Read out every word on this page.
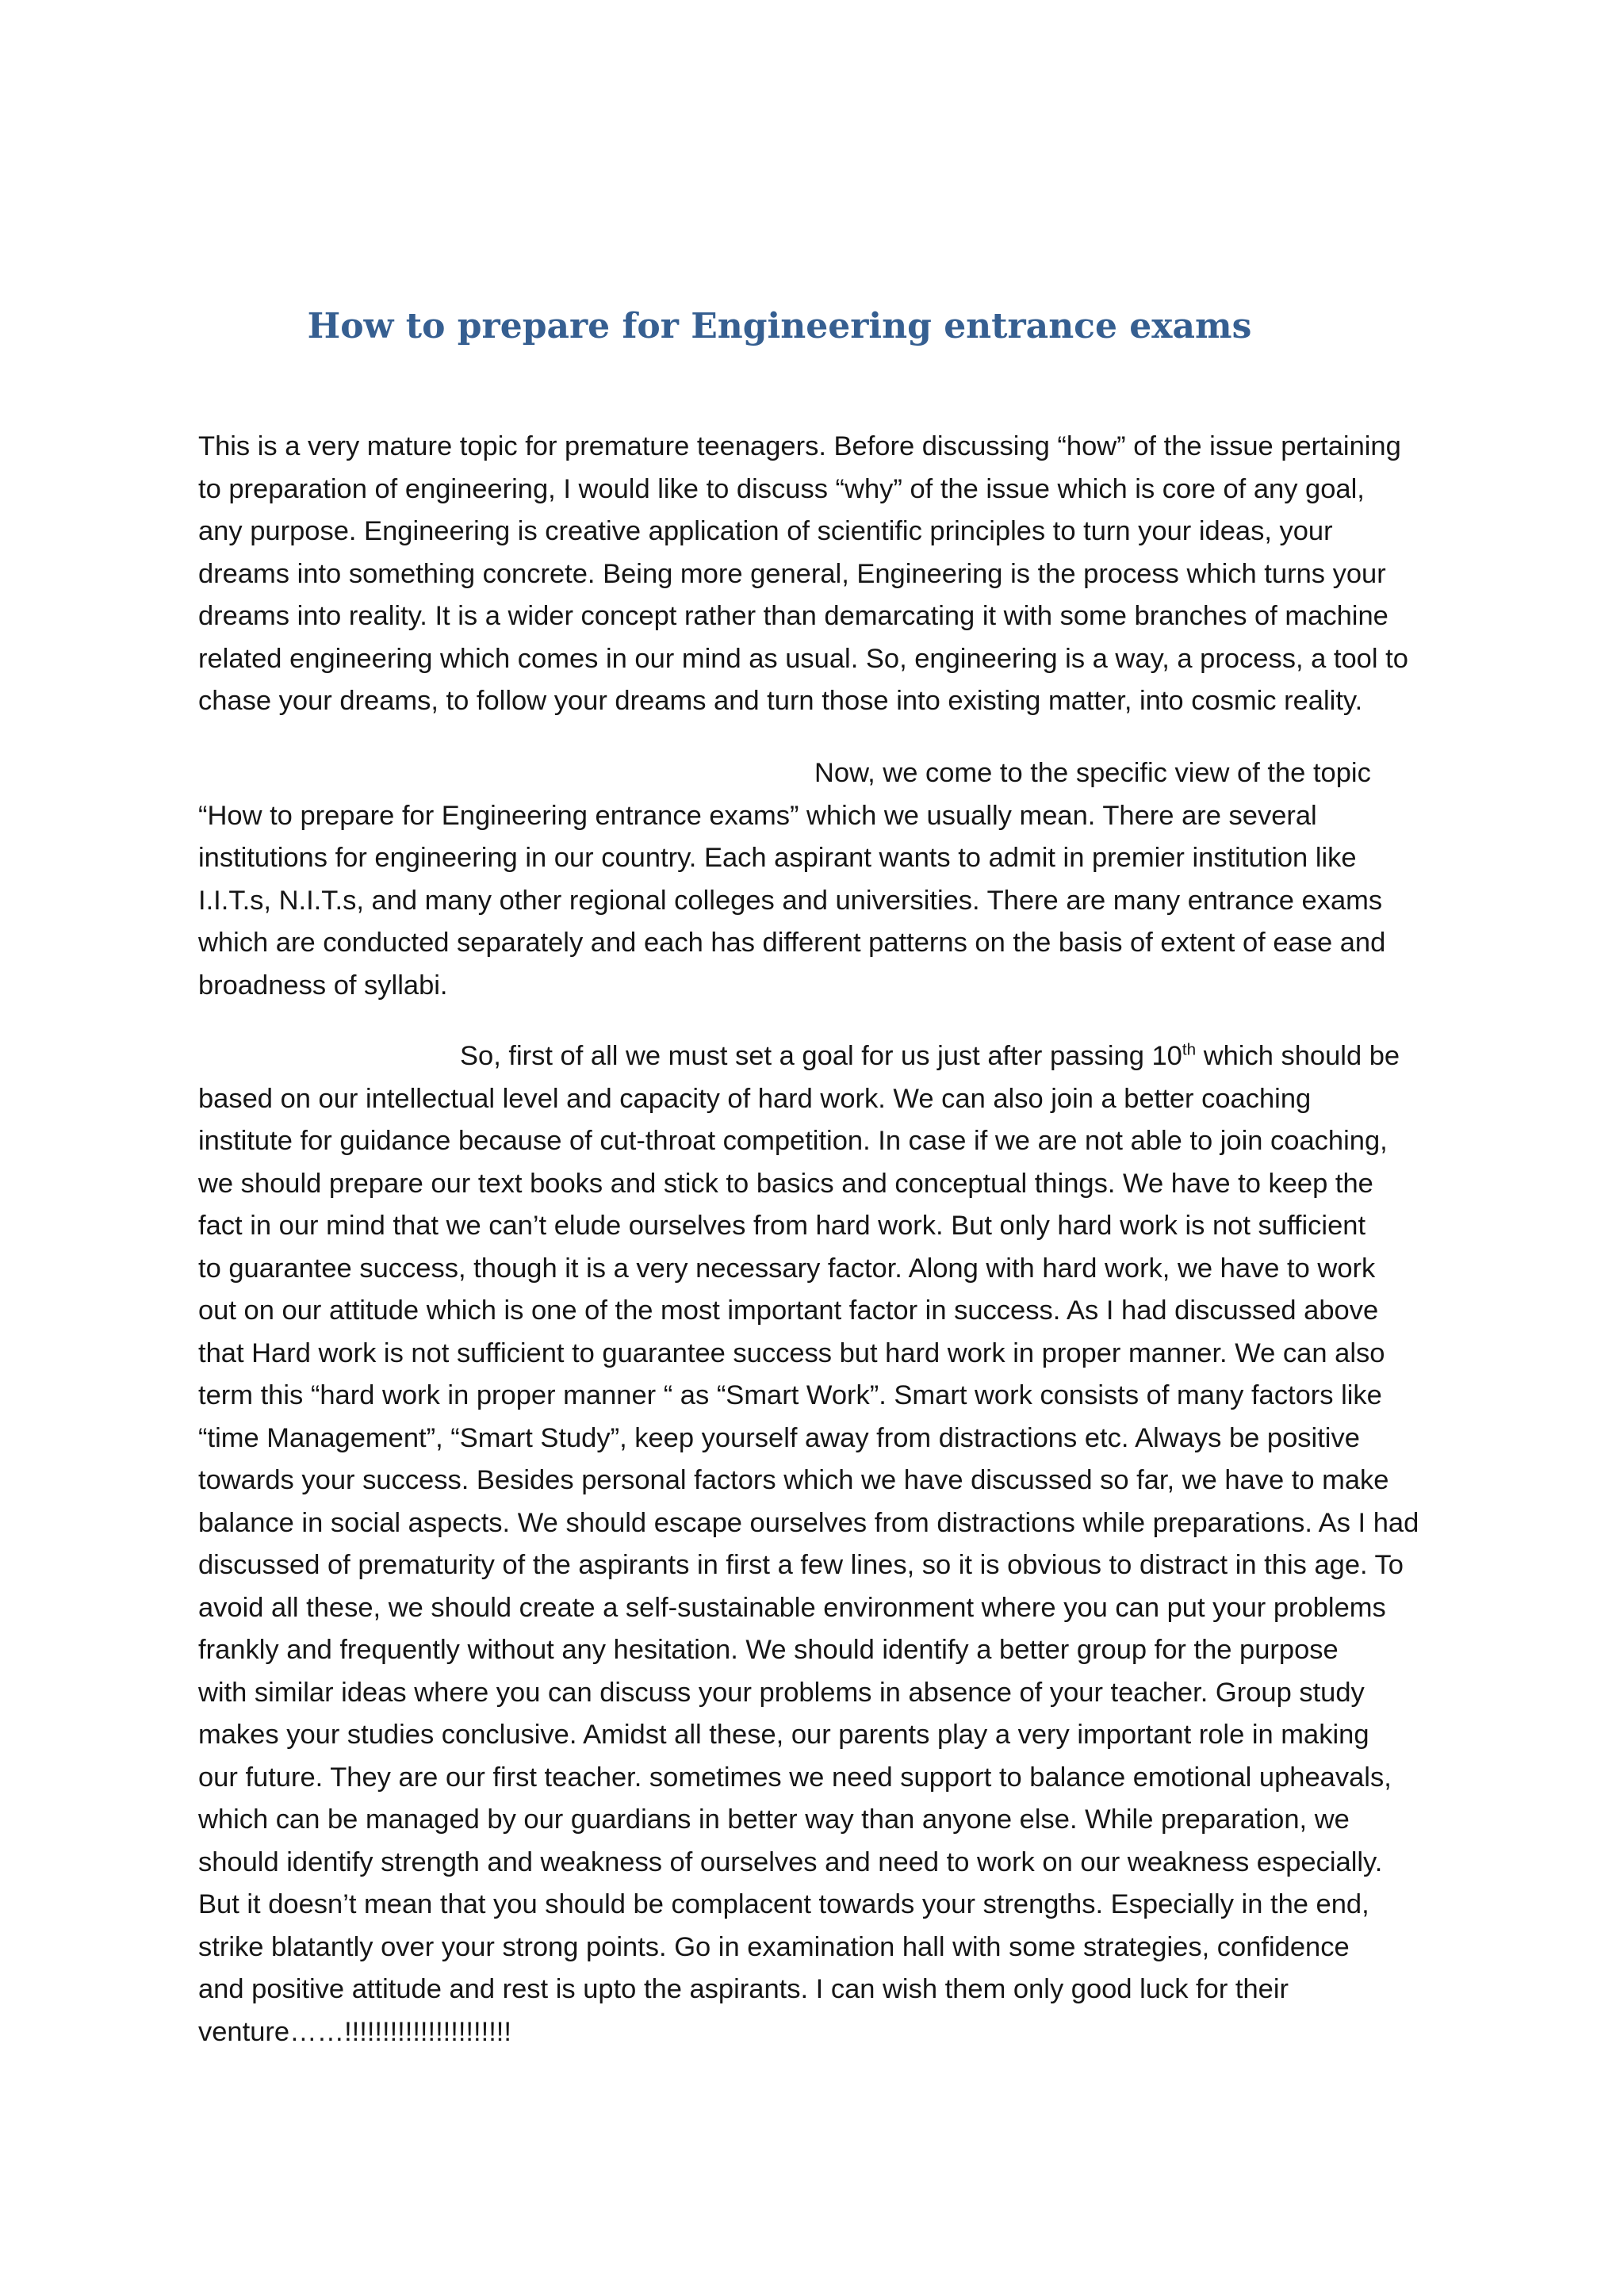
How to prepare for Engineering entrance exams
This is a very mature topic for premature teenagers. Before discussing “how” of the issue pertaining
to preparation of engineering, I would like to discuss “why” of the issue which is core of any goal,
any purpose. Engineering is creative application of scientific principles to turn your ideas, your
dreams into something concrete. Being more general, Engineering is the process which turns your
dreams into reality. It is a wider concept rather than demarcating it with some branches of machine
related engineering which comes in our mind as usual. So, engineering is a way, a process, a tool to
chase your dreams, to follow your dreams and turn those into existing matter, into cosmic reality.
Now, we come to the specific view of the topic
“How to prepare for Engineering entrance exams” which we usually mean. There are several
institutions for engineering in our country. Each aspirant wants to admit in premier institution like
I.I.T.s, N.I.T.s, and many other regional colleges and universities. There are many entrance exams
which are conducted separately and each has different patterns on the basis of extent of ease and
broadness of syllabi.
So, first of all we must set a goal for us just after passing 10th which should be
based on our intellectual level and capacity of hard work. We can also join a better coaching
institute for guidance because of cut-throat competition. In case if we are not able to join coaching,
we should prepare our text books and stick to basics and conceptual things. We have to keep the
fact in our mind that we can’t elude ourselves from hard work. But only hard work is not sufficient
to guarantee success, though it is a very necessary factor. Along with hard work, we have to work
out on our attitude which is one of the most important factor in success. As I had discussed above
that Hard work is not sufficient to guarantee success but hard work in proper manner. We can also
term this “hard work in proper manner “ as “Smart Work”. Smart work consists of many factors like
“time Management”, “Smart Study”, keep yourself away from distractions etc. Always be positive
towards your success. Besides personal factors which we have discussed so far, we have to make
balance in social aspects. We should escape ourselves from distractions while preparations. As I had
discussed of prematurity of the aspirants in first a few lines, so it is obvious to distract in this age. To
avoid all these, we should create a self-sustainable environment where you can put your problems
frankly and frequently without any hesitation. We should identify a better group for the purpose
with similar ideas where you can discuss your problems in absence of your teacher. Group study
makes your studies conclusive. Amidst all these, our parents play a very important role in making
our future. They are our first teacher. sometimes we need support to balance emotional upheavals,
which can be managed by our guardians in better way than anyone else. While preparation, we
should identify strength and weakness of ourselves and need to work on our weakness especially.
But it doesn’t mean that you should be complacent towards your strengths. Especially in the end,
strike blatantly over your strong points. Go in examination hall with some strategies, confidence
and positive attitude and rest is upto the aspirants. I can wish them only good luck for their
venture……!!!!!!!!!!!!!!!!!!!!!!
